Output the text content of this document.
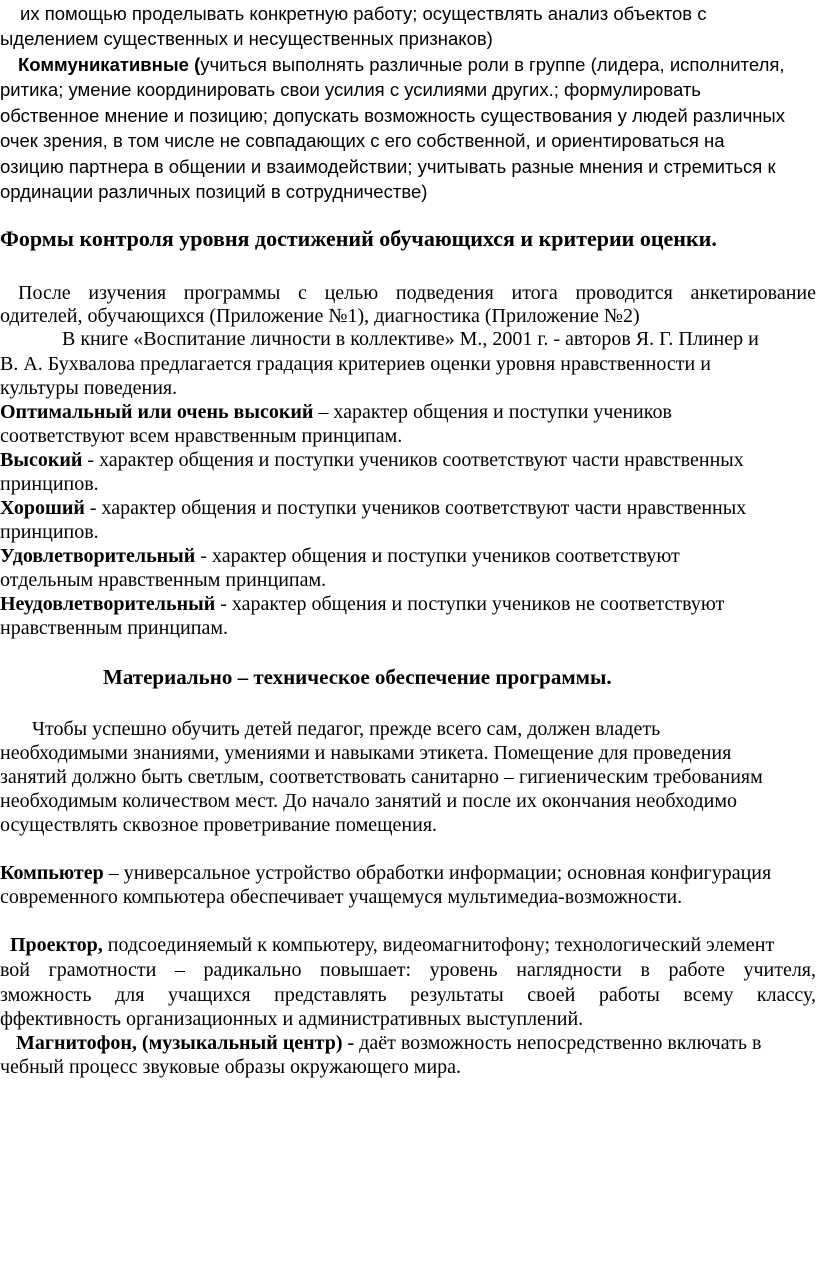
их помощью проделывать конкретную работу; осуществлять анализ объектов с
ыделением существенных и несущественных признаков)
Коммуникативные (учиться выполнять различные роли в группе (лидера, исполнителя,
ритика; умение координировать свои усилия с усилиями других.; формулировать
обственное мнение и позицию; допускать возможность существования у людей различных
очек зрения, в том числе не совпадающих с его собственной, и ориентироваться на
озицию партнера в общении и взаимодействии; учитывать разные мнения и стремиться к
ординации различных позиций в сотрудничестве)
Формы контроля уровня достижений обучающихся и критерии оценки.
После изучения программы с целью подведения итога проводится анкетирование
одителей, обучающихся (Приложение №1), диагностика (Приложение №2)
В книге «Воспитание личности в коллективе» М., 2001 г. - авторов Я. Г. Плинер и
В. А. Бухвалова предлагается градация критериев оценки уровня нравственности и
культуры поведения.
Оптимальный или очень высокий – характер общения и поступки учеников
соответствуют всем нравственным принципам.
Высокий - характер общения и поступки учеников соответствуют части нравственных
принципов.
Хороший - характер общения и поступки учеников соответствуют части нравственных
принципов.
Удовлетворительный - характер общения и поступки учеников соответствуют
отдельным нравственным принципам.
Неудовлетворительный - характер общения и поступки учеников не соответствуют
нравственным принципам.
Материально – техническое обеспечение программы.
Чтобы успешно обучить детей педагог, прежде всего сам, должен владеть
необходимыми знаниями, умениями и навыками этикета. Помещение для проведения
занятий должно быть светлым, соответствовать санитарно – гигиеническим требованиям
необходимым количеством мест. До начало занятий и после их окончания необходимо
осуществлять сквозное проветривание помещения.
Компьютер – универсальное устройство обработки информации; основная конфигурация
современного компьютера обеспечивает учащемуся мультимедиа-возможности.
Проектор, подсоединяемый к компьютеру, видеомагнитофону; технологический элемент
вой грамотности – радикально повышает: уровень наглядности в работе учителя,
зможность для учащихся представлять результаты своей работы всему классу,
ффективность организационных и административных выступлений.
Магнитофон, (музыкальный центр) - даёт возможность непосредственно включать в
чебный процесс звуковые образы окружающего мира.
